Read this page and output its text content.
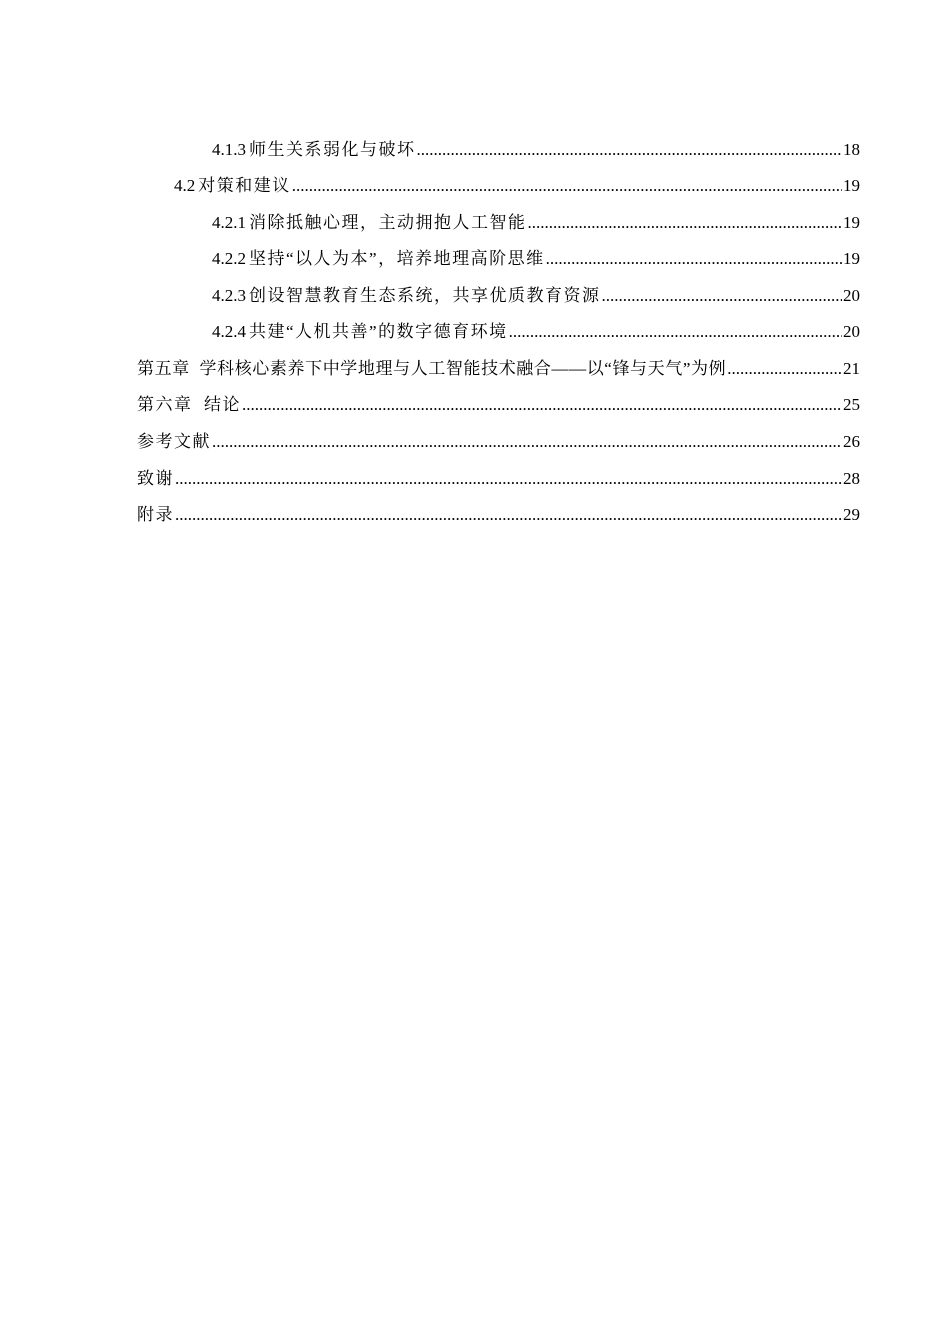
4.1.3 师生关系弱化与破坏 .....	18
4.2 对策和建议 .....	19
4.2.1 消除抵触心理，主动拥抱人工智能 .....	19
4.2.2 坚持“以人为本”，培养地理高阶思维 .....	19
4.2.3 创设智慧教育生态系统，共享优质教育资源 .....	20
4.2.4 共建“人机共善”的数字德育环境 .....	20
第五章  学科核心素养下中学地理与人工智能技术融合——以“锋与天气”为例 .....	21
第六章  结论 .....	25
参考文献 .....	26
致谢 .....	28
附录 .....	29
